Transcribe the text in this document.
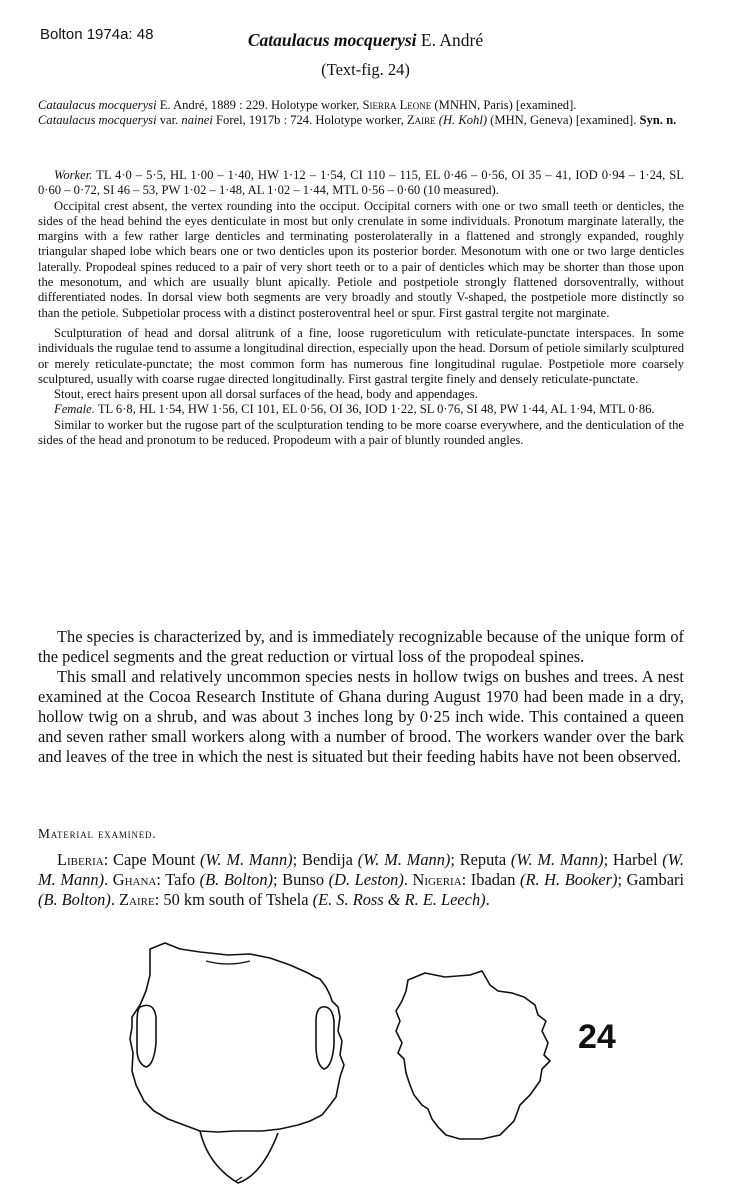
Bolton 1974a: 48	Cataulacus mocquerysi E. André
(Text-fig. 24)

Cataulacus mocquerysi E. André, 1889 : 229. Holotype worker, Sierra Leone (MNHN, Paris) [examined].

Cataulacus mocquerysi var. nainei Forel, 1917b : 724. Holotype worker, Zaire (H. Kohl) (MHN, Geneva) [examined]. Syn. n.

Worker. TL 4·0 – 5·5, HL 1·00 – 1·40, HW 1·12 – 1·54, CI 110 – 115, EL 0·46 – 0·56, OI 35 – 41, IOD 0·94 – 1·24, SL 0·60 – 0·72, SI 46 – 53, PW 1·02 – 1·48, AL 1·02 – 1·44, MTL 0·56 – 0·60 (10 measured).

Occipital crest absent, the vertex rounding into the occiput. Occipital corners with one or two small teeth or denticles, the sides of the head behind the eyes denticulate in most but only crenulate in some individuals. Pronotum marginate laterally, the margins with a few rather large denticles and terminating posterolaterally in a flattened and strongly expanded, roughly triangular shaped lobe which bears one or two denticles upon its posterior border. Mesonotum with one or two large denticles laterally. Propodeal spines reduced to a pair of very short teeth or to a pair of denticles which may be shorter than those upon the mesonotum, and which are usually blunt apically. Petiole and postpetiole strongly flattened dorsoventrally, without differentiated nodes. In dorsal view both segments are very broadly and stoutly V-shaped, the postpetiole more distinctly so than the petiole. Subpetiolar process with a distinct posteroventral heel or spur. First gastral tergite not marginate.

Sculpturation of head and dorsal alitrunk of a fine, loose rugoreticulum with reticulate-punctate interspaces. In some individuals the rugulae tend to assume a longitudinal direction, especially upon the head. Dorsum of petiole similarly sculptured or merely reticulate-punctate; the most common form has numerous fine longitudinal rugulae. Postpetiole more coarsely sculptured, usually with coarse rugae directed longitudinally. First gastral tergite finely and densely reticulate-punctate.

Stout, erect hairs present upon all dorsal surfaces of the head, body and appendages.

Female. TL 6·8, HL 1·54, HW 1·56, CI 101, EL 0·56, OI 36, IOD 1·22, SL 0·76, SI 48, PW 1·44, AL 1·94, MTL 0·86.

Similar to worker but the rugose part of the sculpturation tending to be more coarse everywhere, and the denticulation of the sides of the head and pronotum to be reduced. Propodeum with a pair of bluntly rounded angles.

The species is characterized by, and is immediately recognizable because of the unique form of the pedicel segments and the great reduction or virtual loss of the propodeal spines.

This small and relatively uncommon species nests in hollow twigs on bushes and trees. A nest examined at the Cocoa Research Institute of Ghana during August 1970 had been made in a dry, hollow twig on a shrub, and was about 3 inches long by 0·25 inch wide. This contained a queen and seven rather small workers along with a number of brood. The workers wander over the bark and leaves of the tree in which the nest is situated but their feeding habits have not been observed.

Material examined.

Liberia: Cape Mount (W. M. Mann); Bendija (W. M. Mann); Reputa (W. M. Mann); Harbel (W. M. Mann). Ghana: Tafo (B. Bolton); Bunso (D. Leston). Nigeria: Ibadan (R. H. Booker); Gambari (B. Bolton). Zaire: 50 km south of Tshela (E. S. Ross & R. E. Leech).

24
